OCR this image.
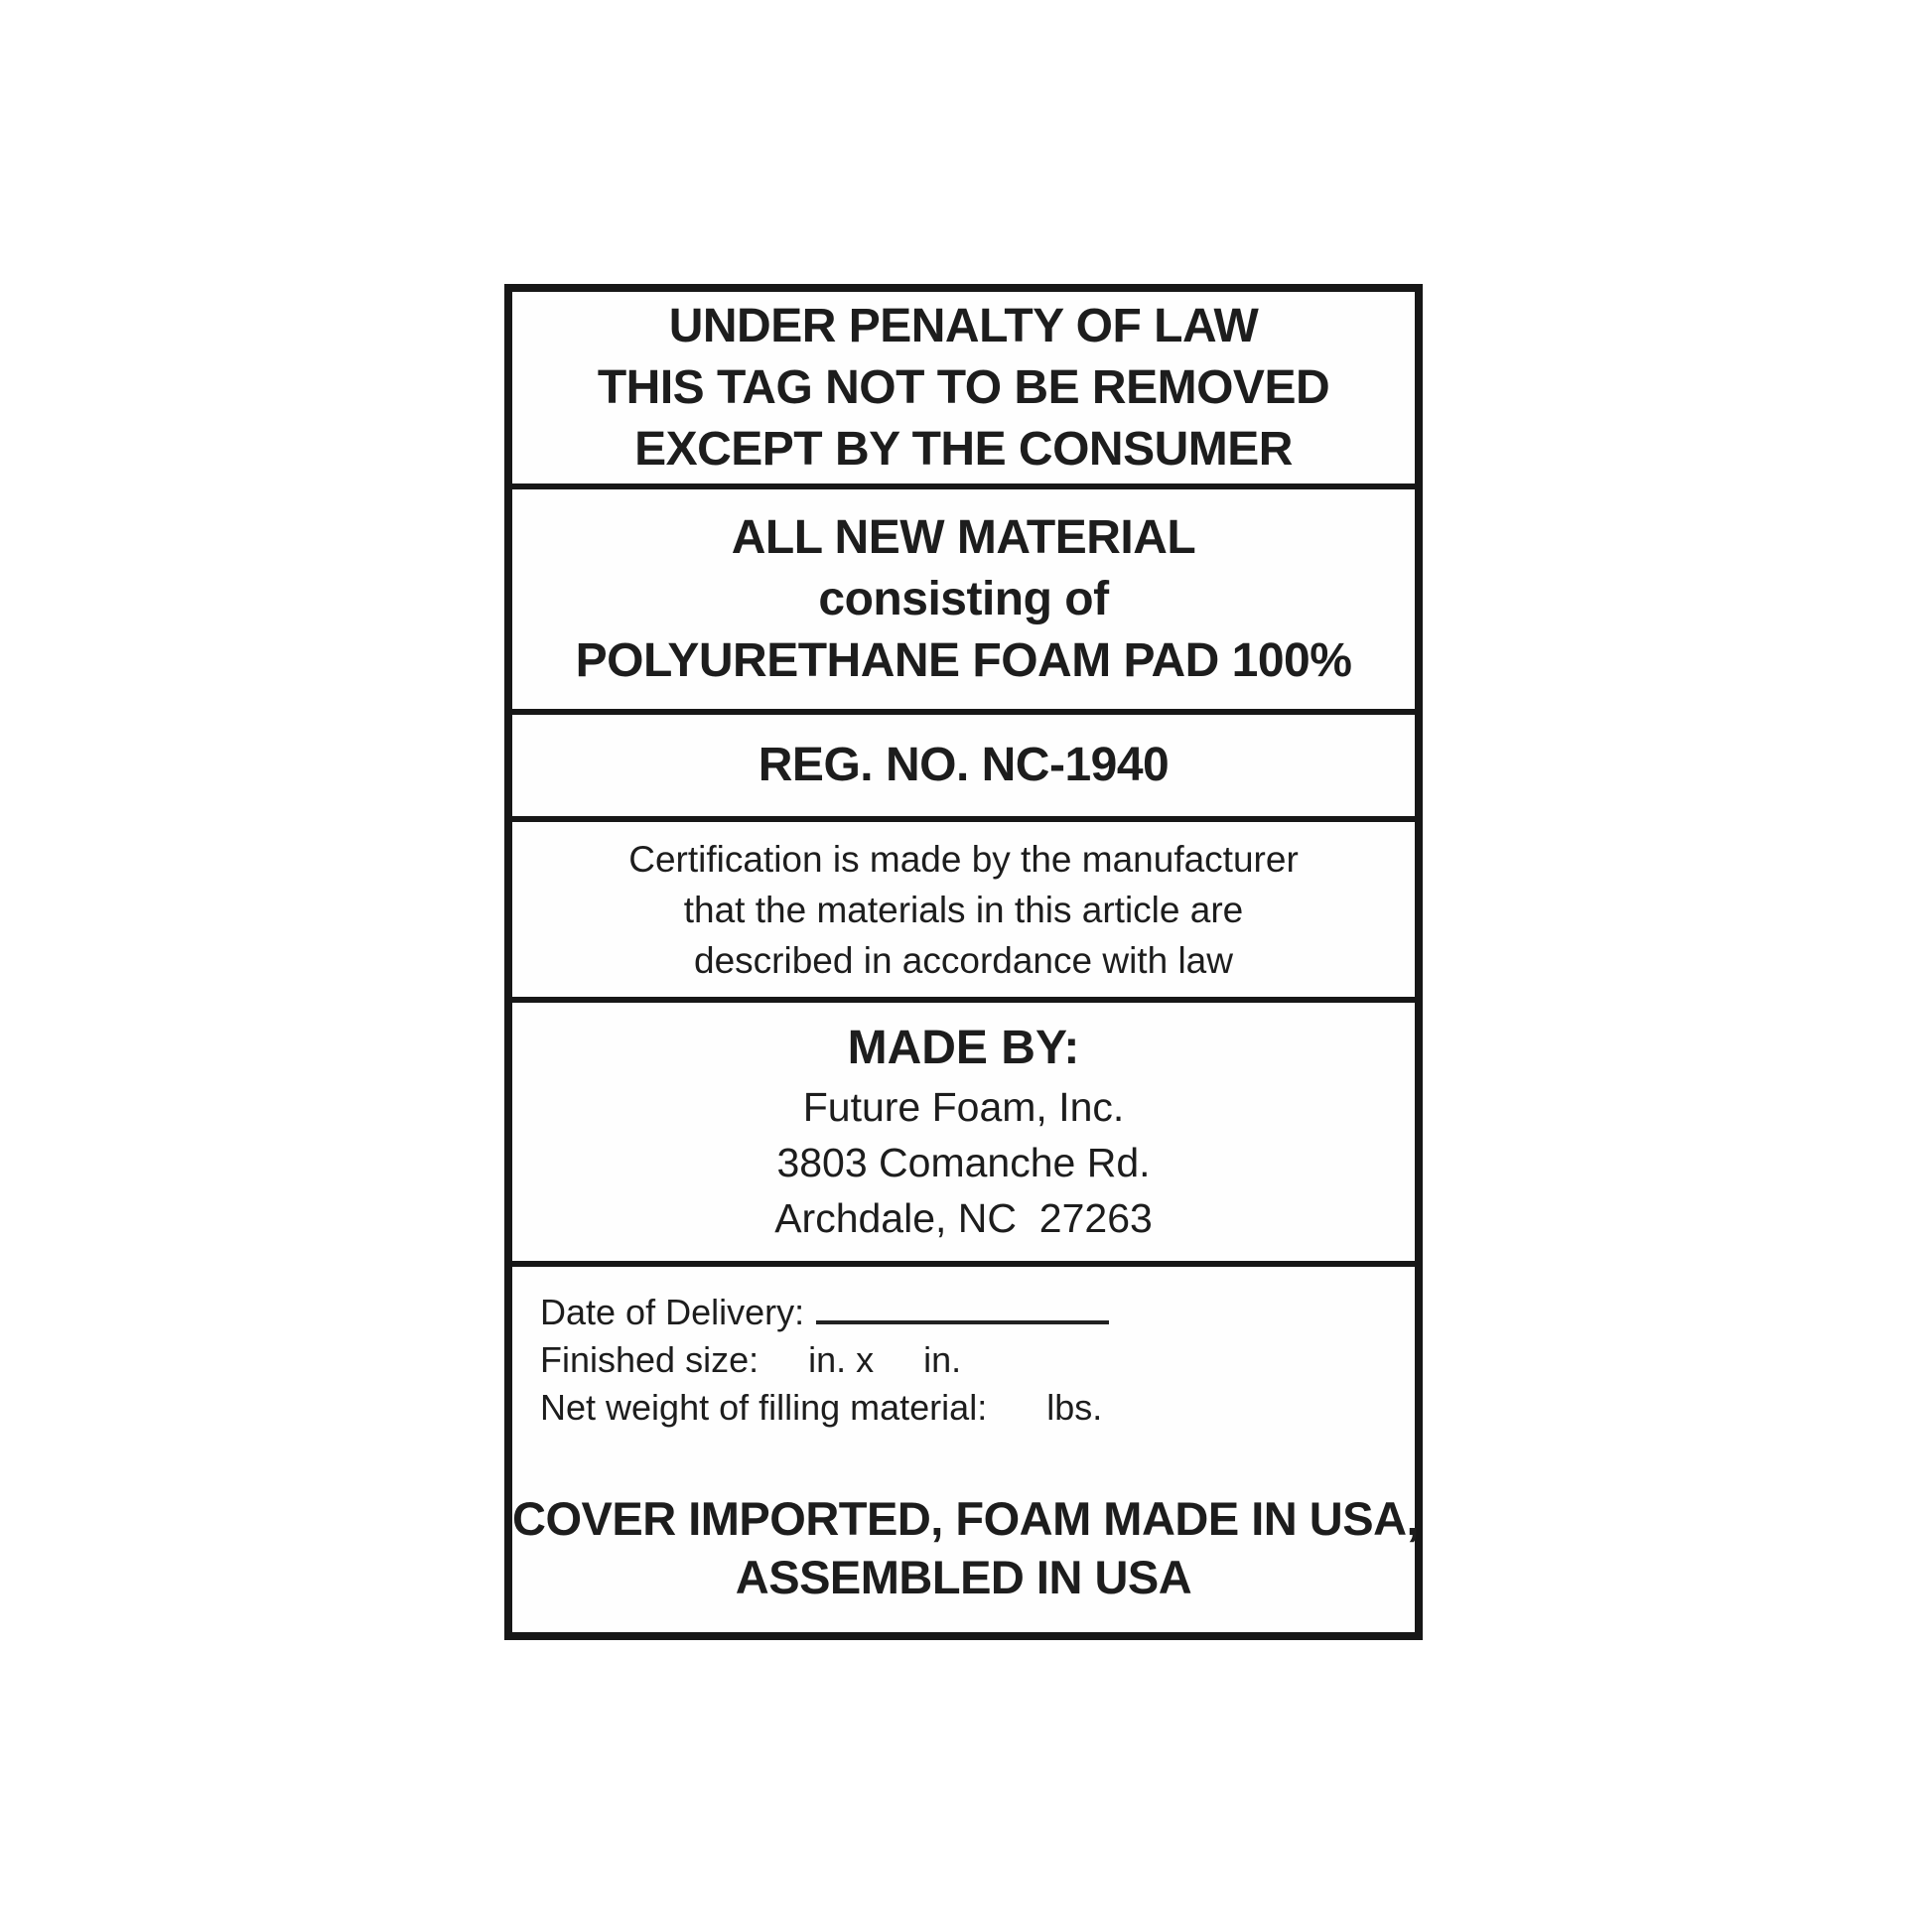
UNDER PENALTY OF LAW
THIS TAG NOT TO BE REMOVED
EXCEPT BY THE CONSUMER
ALL NEW MATERIAL
consisting of
POLYURETHANE FOAM PAD 100%
REG. NO. NC-1940
Certification is made by the manufacturer
that the materials in this article are
described in accordance with law
MADE BY:
Future Foam, Inc.
3803 Comanche Rd.
Archdale, NC  27263
Date of Delivery:
Finished size:     in. x     in.
Net weight of filling material:      lbs.
COVER IMPORTED, FOAM MADE IN USA,
ASSEMBLED IN USA
